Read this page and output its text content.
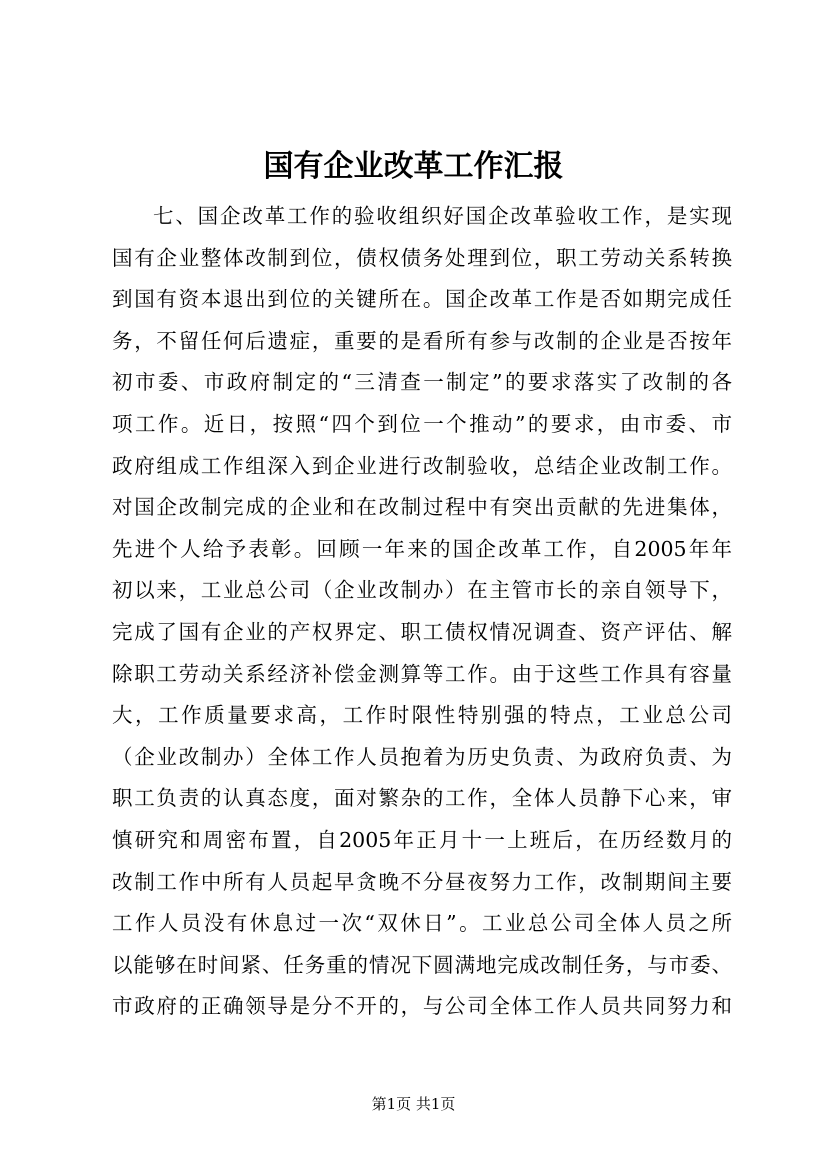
国有企业改革工作汇报
七、国企改革工作的验收组织好国企改革验收工作，是实现
国有企业整体改制到位，债权债务处理到位，职工劳动关系转换
到国有资本退出到位的关键所在。国企改革工作是否如期完成任
务，不留任何后遗症，重要的是看所有参与改制的企业是否按年
初市委、市政府制定的“三清查一制定”的要求落实了改制的各
项工作。近日，按照“四个到位一个推动”的要求，由市委、市
政府组成工作组深入到企业进行改制验收，总结企业改制工作。
对国企改制完成的企业和在改制过程中有突出贡献的先进集体，
先进个人给予表彰。回顾一年来的国企改革工作，自2005年年
初以来，工业总公司（企业改制办）在主管市长的亲自领导下，
完成了国有企业的产权界定、职工债权情况调查、资产评估、解
除职工劳动关系经济补偿金测算等工作。由于这些工作具有容量
大，工作质量要求高，工作时限性特别强的特点，工业总公司
（企业改制办）全体工作人员抱着为历史负责、为政府负责、为
职工负责的认真态度，面对繁杂的工作，全体人员静下心来，审
慎研究和周密布置，自2005年正月十一上班后，在历经数月的
改制工作中所有人员起早贪晚不分昼夜努力工作，改制期间主要
工作人员没有休息过一次“双休日”。工业总公司全体人员之所
以能够在时间紧、任务重的情况下圆满地完成改制任务，与市委、
市政府的正确领导是分不开的，与公司全体工作人员共同努力和
第1页 共1页
